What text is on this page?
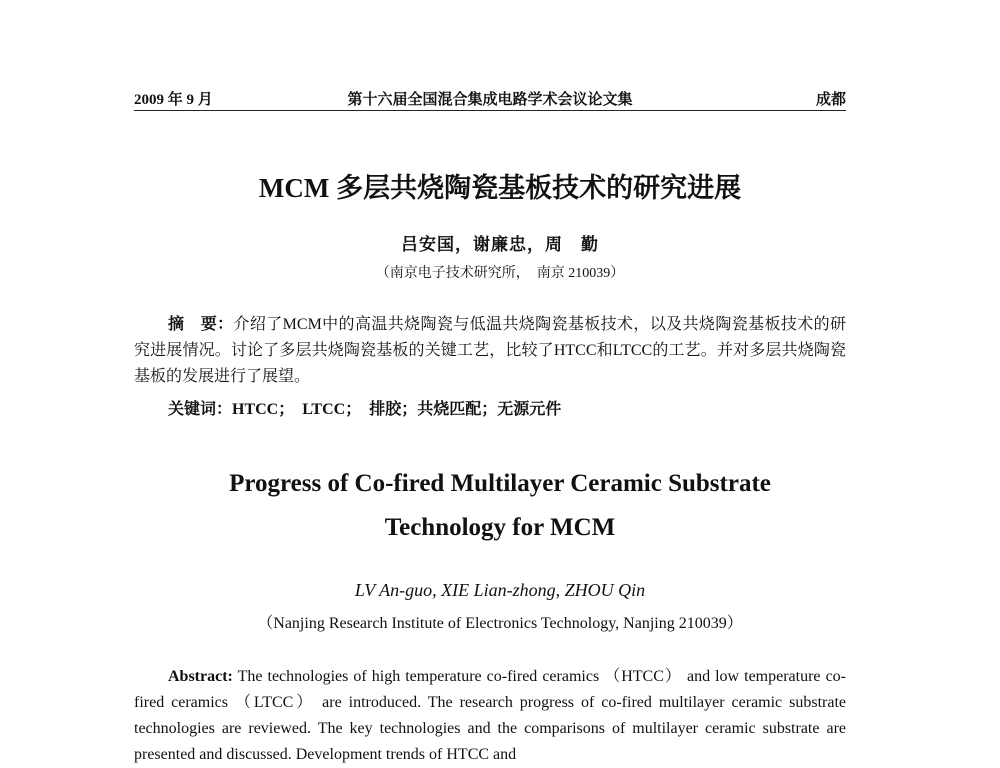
2009 年 9 月	第十六届全国混合集成电路学术会议论文集	成都
MCM 多层共烧陶瓷基板技术的研究进展
吕安国，谢廉忠，周　勤
（南京电子技术研究所，　南京 210039）
摘　要：介绍了MCM中的高温共烧陶瓷与低温共烧陶瓷基板技术，以及共烧陶瓷基板技术的研究进展情况。讨论了多层共烧陶瓷基板的关键工艺，比较了HTCC和LTCC的工艺。并对多层共烧陶瓷基板的发展进行了展望。
关键词：HTCC；　LTCC；　排胶；共烧匹配；无源元件
Progress of Co-fired Multilayer Ceramic Substrate
Technology for MCM
LV An-guo, XIE Lian-zhong, ZHOU Qin
（Nanjing Research Institute of Electronics Technology, Nanjing 210039）
Abstract: The technologies of high temperature co-fired ceramics （HTCC） and low temperature co-fired ceramics （LTCC） are introduced. The research progress of co-fired multilayer ceramic substrate technologies are reviewed. The key technologies and the comparisons of multilayer ceramic substrate are presented and discussed. Development trends of HTCC and
